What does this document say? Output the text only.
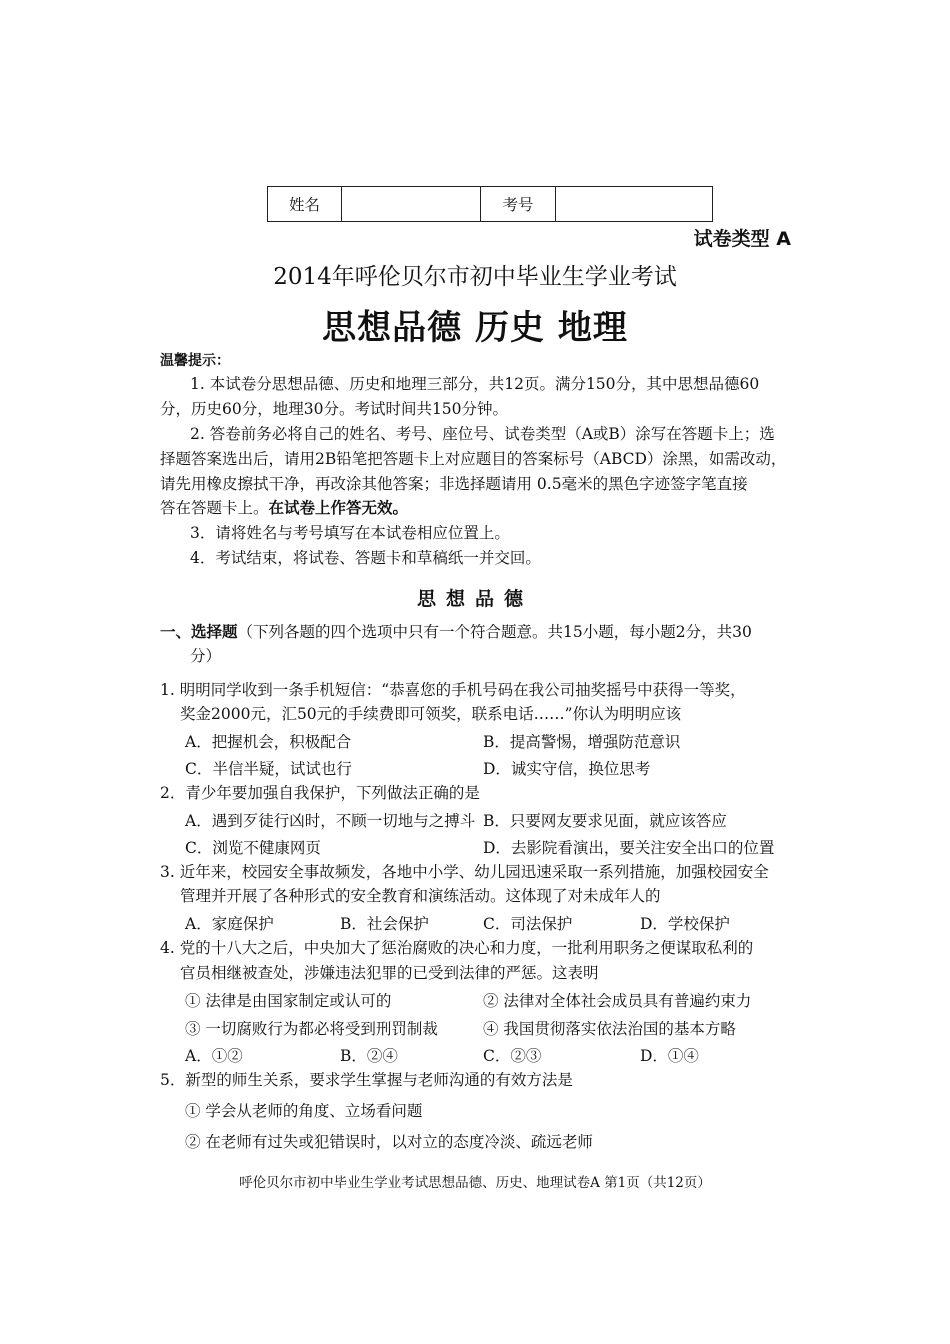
姓名	考号
试卷类型 A
2014年呼伦贝尔市初中毕业生学业考试
思想品德 历史 地理
温馨提示：
1. 本试卷分思想品德、历史和地理三部分，共12页。满分150分，其中思想品德60
分，历史60分，地理30分。考试时间共150分钟。
2. 答卷前务必将自己的姓名、考号、座位号、试卷类型（A或B）涂写在答题卡上；选
择题答案选出后，请用2B铅笔把答题卡上对应题目的答案标号（ABCD）涂黑，如需改动，
请先用橡皮擦拭干净，再改涂其他答案；非选择题请用 0.5毫米的黑色字迹签字笔直接
答在答题卡上。在试卷上作答无效。
3．请将姓名与考号填写在本试卷相应位置上。
4．考试结束，将试卷、答题卡和草稿纸一并交回。
思想品德
一、选择题（下列各题的四个选项中只有一个符合题意。共15小题，每小题2分，共30
分）
1. 明明同学收到一条手机短信：“恭喜您的手机号码在我公司抽奖摇号中获得一等奖，
奖金2000元，汇50元的手续费即可领奖，联系电话……”你认为明明应该
A．把握机会，积极配合	B．提高警惕，增强防范意识
C．半信半疑，试试也行	D．诚实守信，换位思考
2．青少年要加强自我保护，下列做法正确的是
A．遇到歹徒行凶时，不顾一切地与之搏斗 B．只要网友要求见面，就应该答应
C．浏览不健康网页	D．去影院看演出，要关注安全出口的位置
3. 近年来，校园安全事故频发，各地中小学、幼儿园迅速采取一系列措施，加强校园安全
管理并开展了各种形式的安全教育和演练活动。这体现了对未成年人的
A．家庭保护	B．社会保护	C．司法保护	D．学校保护
4. 党的十八大之后，中央加大了惩治腐败的决心和力度，一批利用职务之便谋取私利的
官员相继被查处，涉嫌违法犯罪的已受到法律的严惩。这表明
① 法律是由国家制定或认可的	② 法律对全体社会成员具有普遍约束力
③ 一切腐败行为都必将受到刑罚制裁	④ 我国贯彻落实依法治国的基本方略
A．①②	B．②④	C．②③	D．①④
5．新型的师生关系，要求学生掌握与老师沟通的有效方法是
① 学会从老师的角度、立场看问题
② 在老师有过失或犯错误时，以对立的态度冷淡、疏远老师
呼伦贝尔市初中毕业生学业考试思想品德、历史、地理试卷A 第1页（共12页）
